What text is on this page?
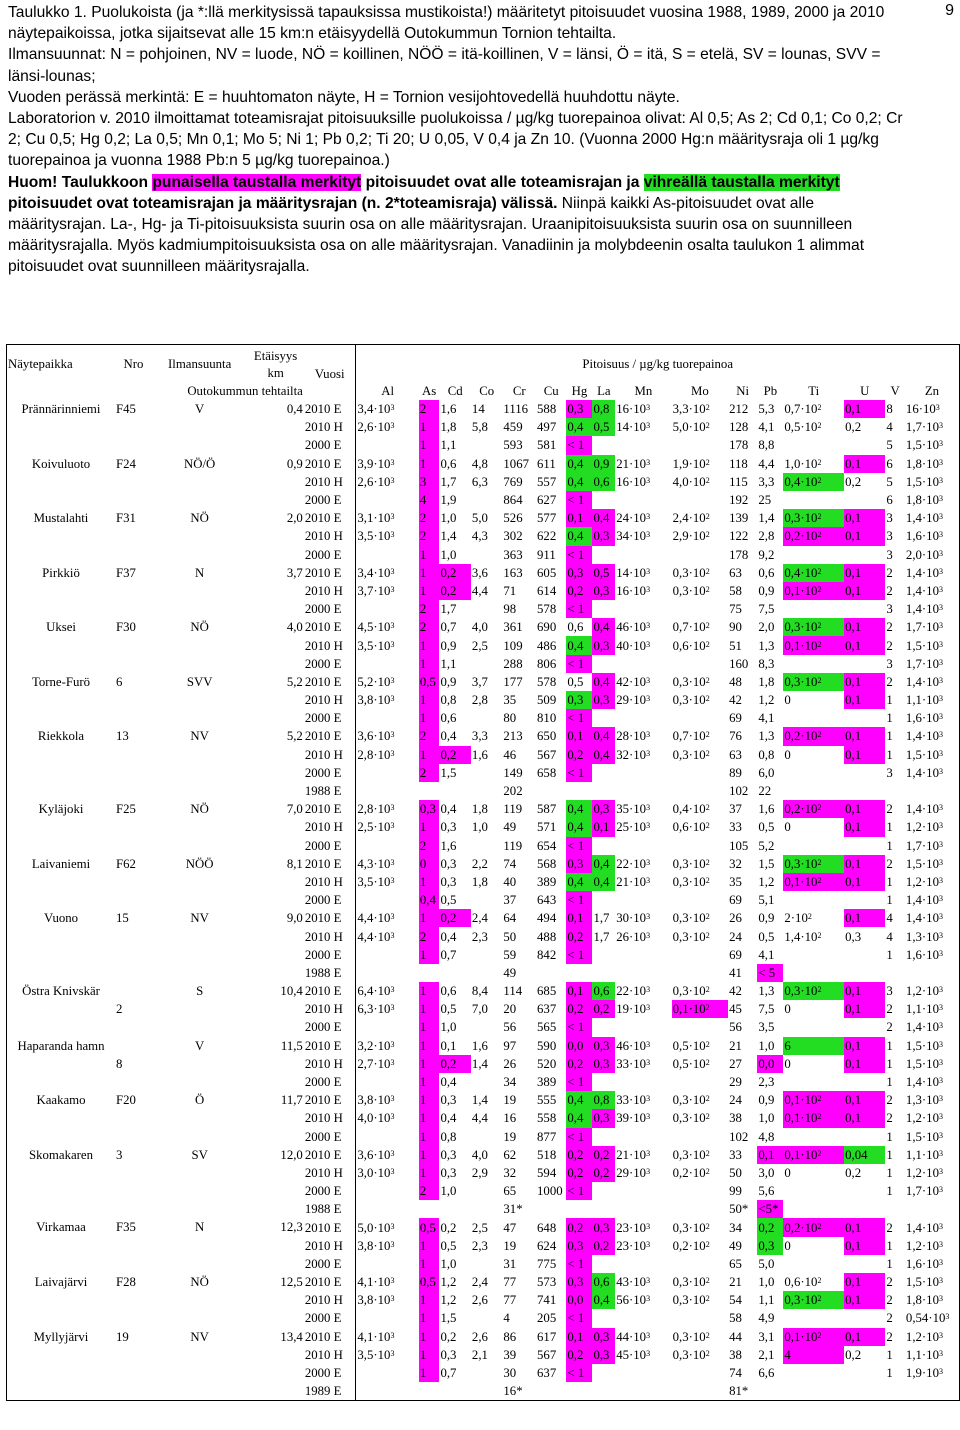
9

Taulukko 1. Puolukoista (ja *:llä merkitysissä tapauksissa mustikoista!) määritetyt pitoisuudet vuosina 1988, 1989, 2000 ja 2010 näytepaikoissa, jotka sijaitsevat alle 15 km:n etäisyydellä Outokummun Tornion tehtailta.

Ilmansuunnat: N = pohjoinen, NV = luode, NÖ = koillinen, NÖÖ = itä-koillinen, V = länsi, Ö = itä, S = etelä, SV = lounas, SVV = länsi-lounas;

Vuoden perässä merkintä: E = huuhtomaton näyte, H = Tornion vesijohtovedellä huuhdottu näyte.

Laboratorion v. 2010 ilmoittamat toteamisrajat pitoisuuksille puolukoissa / µg/kg tuorepainoa olivat: Al 0,5; As 2; Cd 0,1; Co 0,2; Cr 2; Cu 0,5; Hg 0,2; La 0,5; Mn 0,1; Mo 5; Ni 1; Pb 0,2; Ti 20; U 0,05, V 0,4 ja Zn 10. (Vuonna 2000 Hg:n määritysraja oli 1 µg/kg tuorepainoa ja vuonna 1988 Pb:n 5 µg/kg tuorepainoa.)

Huom! Taulukkoon punaisella taustalla merkityt pitoisuudet ovat alle toteamisrajan ja vihreällä taustalla merkityt pitoisuudet ovat toteamisrajan ja määritysrajan (n. 2*toteamisraja) välissä. Niinpä kaikki As-pitoisuudet ovat alle määritysrajan. La-, Hg- ja Ti-pitoisuuksista suurin osa on alle määritysrajan. Uraanipitoisuuksista suurin osa on suunnilleen määritysrajalla. Myös kadmiumpitoisuuksista osa on alle määritysrajan. Vanadiinin ja molybdeenin osalta taulukon 1 alimmat pitoisuudet ovat suunnilleen määritysrajalla.

Näytepaikka	Nro	Ilmansuunta	Etäisyys km	Vuosi	Pitoisuus / µg/kg tuorepainoa															
	Outokummun tehtailta				Al	As	Cd	Co	Cr	Cu	Hg	La	Mn	Mo	Ni	Pb	Ti	U	V	Zn
Prännärinniemi	F45	V	0,4	2010 E	$3,4\cdot 10^3$	2	1,6	14	1116	588	0,3	0,8	$16\cdot 10^3$	$3,3\cdot 10^2$	212	5,3	$0,7\cdot 10^2$	0,1	8	$16\cdot 10^3$
				2010 H	$2,6\cdot 10^3$	1	1,8	5,8	459	497	0,4	0,5	$14\cdot 10^3$	$5,0\cdot 10^2$	128	4,1	$0,5\cdot 10^2$	0,2	4	$1,7\cdot 10^3$
				2000 E		1	1,1		593	581	< 1				178	8,8			5	$1,5\cdot 10^3$
Koivuluoto	F24	NÖ/Ö	0,9	2010 E	$3,9\cdot 10^3$	1	0,6	4,8	1067	611	0,4	0,9	$21\cdot 10^3$	$1,9\cdot 10^2$	118	4,4	$1,0\cdot 10^2$	0,1	6	$1,8\cdot 10^3$
				2010 H	$2,6\cdot 10^3$	3	1,7	6,3	769	557	0,4	0,6	$16\cdot 10^3$	$4,0\cdot 10^2$	115	3,3	$0,4\cdot 10^2$	0,2	5	$1,5\cdot 10^3$
				2000 E		4	1,9		864	627	< 1				192	25			6	$1,8\cdot 10^3$
Mustalahti	F31	NÖ	2,0	2010 E	$3,1\cdot 10^3$	2	1,0	5,0	526	577	0,1	0,4	$24\cdot 10^3$	$2,4\cdot 10^2$	139	1,4	$0,3\cdot 10^2$	0,1	3	$1,4\cdot 10^3$
				2010 H	$3,5\cdot 10^3$	2	1,4	4,3	302	622	0,4	0,3	$34\cdot 10^3$	$2,9\cdot 10^2$	122	2,8	$0,2\cdot 10^2$	0,1	3	$1,6\cdot 10^3$
				2000 E		1	1,0		363	911	< 1				178	9,2			3	$2,0\cdot 10^3$
Pirkkiö	F37	N	3,7	2010 E	$3,4\cdot 10^3$	1	0,2	3,6	163	605	0,3	0,5	$14\cdot 10^3$	$0,3\cdot 10^2$	63	0,6	$0,4\cdot 10^2$	0,1	2	$1,4\cdot 10^3$
				2010 H	$3,7\cdot 10^3$	1	0,2	4,4	71	614	0,2	0,3	$16\cdot 10^3$	$0,3\cdot 10^2$	58	0,9	$0,1\cdot 10^2$	0,1	2	$1,4\cdot 10^3$
				2000 E		2	1,7		98	578	< 1				75	7,5			3	$1,4\cdot 10^3$
Uksei	F30	NÖ	4,0	2010 E	$4,5\cdot 10^3$	2	0,7	4,0	361	690	0,6	0,4	$46\cdot 10^3$	$0,7\cdot 10^2$	90	2,0	$0,3\cdot 10^2$	0,1	2	$1,7\cdot 10^3$
				2010 H	$3,5\cdot 10^3$	1	0,9	2,5	109	486	0,4	0,3	$40\cdot 10^3$	$0,6\cdot 10^2$	51	1,3	$0,1\cdot 10^2$	0,1	2	$1,5\cdot 10^3$
				2000 E		1	1,1		288	806	< 1				160	8,3			3	$1,7\cdot 10^3$
Torne-Furö	6	SVV	5,2	2010 E	$5,2\cdot 10^3$	0,5	0,9	3,7	177	578	0,5	0,4	$42\cdot 10^3$	$0,3\cdot 10^2$	48	1,8	$0,3\cdot 10^2$	0,1	2	$1,4\cdot 10^3$
				2010 H	$3,8\cdot 10^3$	1	0,8	2,8	35	509	0,3	0,3	$29\cdot 10^3$	$0,3\cdot 10^2$	42	1,2	0	0,1	1	$1,1\cdot 10^3$
				2000 E		1	0,6		80	810	< 1				69	4,1			1	$1,6\cdot 10^3$
Riekkola	13	NV	5,2	2010 E	$3,6\cdot 10^3$	2	0,4	3,3	213	650	0,1	0,4	$28\cdot 10^3$	$0,7\cdot 10^2$	76	1,3	$0,2\cdot 10^2$	0,1	1	$1,4\cdot 10^3$
				2010 H	$2,8\cdot 10^3$	1	0,2	1,6	46	567	0,2	0,4	$32\cdot 10^3$	$0,3\cdot 10^2$	63	0,8	0	0,1	1	$1,5\cdot 10^3$
				2000 E		2	1,5		149	658	< 1				89	6,0			3	$1,4\cdot 10^3$
				1988 E					202						102	22				
Kyläjoki	F25	NÖ	7,0	2010 E	$2,8\cdot 10^3$	0,3	0,4	1,8	119	587	0,4	0,3	$35\cdot 10^3$	$0,4\cdot 10^2$	37	1,6	$0,2\cdot 10^2$	0,1	2	$1,4\cdot 10^3$
				2010 H	$2,5\cdot 10^3$	1	0,3	1,0	49	571	0,4	0,1	$25\cdot 10^3$	$0,6\cdot 10^2$	33	0,5	0	0,1	1	$1,2\cdot 10^3$
				2000 E		2	1,6		119	654	< 1				105	5,2			1	$1,7\cdot 10^3$
Laivaniemi	F62	NÖÖ	8,1	2010 E	$4,3\cdot 10^3$	0	0,3	2,2	74	568	0,3	0,4	$22\cdot 10^3$	$0,3\cdot 10^2$	32	1,5	$0,3\cdot 10^2$	0,1	2	$1,5\cdot 10^3$
				2010 H	$3,5\cdot 10^3$	1	0,3	1,8	40	389	0,4	0,4	$21\cdot 10^3$	$0,3\cdot 10^2$	35	1,2	$0,1\cdot 10^2$	0,1	1	$1,2\cdot 10^3$
				2000 E		0,4	0,5		37	643	< 1				69	5,1			1	$1,4\cdot 10^3$
Vuono	15	NV	9,0	2010 E	$4,4\cdot 10^3$	1	0,2	2,4	64	494	0,1	1,7	$30\cdot 10^3$	$0,3\cdot 10^2$	26	0,9	$2\cdot 10^2$	0,1	4	$1,4\cdot 10^3$
				2010 H	$4,4\cdot 10^3$	2	0,4	2,3	50	488	0,2	1,7	$26\cdot 10^3$	$0,3\cdot 10^2$	24	0,5	$1,4\cdot 10^2$	0,3	4	$1,3\cdot 10^3$
				2000 E		1	0,7		59	842	< 1				69	4,1			1	$1,6\cdot 10^3$
				1988 E					49						41	< 5				
Östra Knivskär	2	S	10,4	2010 E	$6,4\cdot 10^3$	1	0,6	8,4	114	685	0,1	0,6	$22\cdot 10^3$	$0,3\cdot 10^2$	42	1,3	$0,3\cdot 10^2$	0,1	3	$1,2\cdot 10^3$
				2010 H	$6,3\cdot 10^3$	1	0,5	7,0	20	637	0,2	0,2	$19\cdot 10^3$	$0,1\cdot 10^2$	45	7,5	0	0,1	2	$1,1\cdot 10^3$
				2000 E		1	1,0		56	565	< 1				56	3,5			2	$1,4\cdot 10^3$
Haparanda hamn	8	V	11,5	2010 E	$3,2\cdot 10^3$	1	0,1	1,6	97	590	0,0	0,3	$46\cdot 10^3$	$0,5\cdot 10^2$	21	1,0	6	0,1	1	$1,5\cdot 10^3$
				2010 H	$2,7\cdot 10^3$	1	0,2	1,4	26	520	0,2	0,3	$33\cdot 10^3$	$0,5\cdot 10^2$	27	0,0	0	0,1	1	$1,5\cdot 10^3$
				2000 E		1	0,4		34	389	< 1				29	2,3			1	$1,4\cdot 10^3$
Kaakamo	F20	Ö	11,7	2010 E	$3,8\cdot 10^3$	1	0,3	1,4	19	555	0,4	0,8	$33\cdot 10^3$	$0,3\cdot 10^2$	24	0,9	$0,1\cdot 10^2$	0,1	2	$1,3\cdot 10^3$
				2010 H	$4,0\cdot 10^3$	1	0,4	4,4	16	558	0,4	0,3	$39\cdot 10^3$	$0,3\cdot 10^2$	38	1,0	$0,1\cdot 10^2$	0,1	2	$1,2\cdot 10^3$
				2000 E		1	0,8		19	877	< 1				102	4,8			1	$1,5\cdot 10^3$
Skomakaren	3	SV	12,0	2010 E	$3,6\cdot 10^3$	1	0,3	4,0	62	518	0,2	0,2	$21\cdot 10^3$	$0,3\cdot 10^2$	33	0,1	$0,1\cdot 10^2$	0,04	1	$1,1\cdot 10^3$
				2010 H	$3,0\cdot 10^3$	1	0,3	2,9	32	594	0,2	0,2	$29\cdot 10^3$	$0,2\cdot 10^2$	50	3,0	0	0,2	1	$1,2\cdot 10^3$
				2000 E		2	1,0		65	1000	< 1				99	5,6			1	$1,7\cdot 10^3$
				1988 E					31*						50*	<5*				
Virkamaa	F35	N	12,3	2010 E	$5,0\cdot 10^3$	0,5	0,2	2,5	47	648	0,2	0,3	$23\cdot 10^3$	$0,3\cdot 10^2$	34	0,2	$0,2\cdot 10^2$	0,1	2	$1,4\cdot 10^3$
				2010 H	$3,8\cdot 10^3$	1	0,5	2,3	19	624	0,3	0,2	$23\cdot 10^3$	$0,2\cdot 10^2$	49	0,3	0	0,1	1	$1,2\cdot 10^3$
				2000 E		1	1,0		31	775	< 1				65	5,0			1	$1,6\cdot 10^3$
Laivajärvi	F28	NÖ	12,5	2010 E	$4,1\cdot 10^3$	0,5	1,2	2,4	77	573	0,3	0,6	$43\cdot 10^3$	$0,3\cdot 10^2$	21	1,0	$0,6\cdot 10^2$	0,1	2	$1,5\cdot 10^3$
				2010 H	$3,8\cdot 10^3$	1	1,2	2,6	77	741	0,0	0,4	$56\cdot 10^3$	$0,3\cdot 10^2$	54	1,1	$0,3\cdot 10^2$	0,1	2	$1,8\cdot 10^3$
				2000 E		1	1,5		4	205	< 1				58	4,9			2	$0,54\cdot 10^3$
Myllyjärvi	19	NV	13,4	2010 E	$4,1\cdot 10^3$	1	0,2	2,6	86	617	0,1	0,3	$44\cdot 10^3$	$0,3\cdot 10^2$	44	3,1	$0,1\cdot 10^2$	0,1	2	$1,2\cdot 10^3$
				2010 H	$3,5\cdot 10^3$	1	0,3	2,1	39	567	0,2	0,3	$45\cdot 10^3$	$0,3\cdot 10^2$	38	2,1	4	0,2	1	$1,1\cdot 10^3$
				2000 E		1	0,7		30	637	< 1				74	6,6			1	$1,9\cdot 10^3$
				1989 E					16*						81*					
